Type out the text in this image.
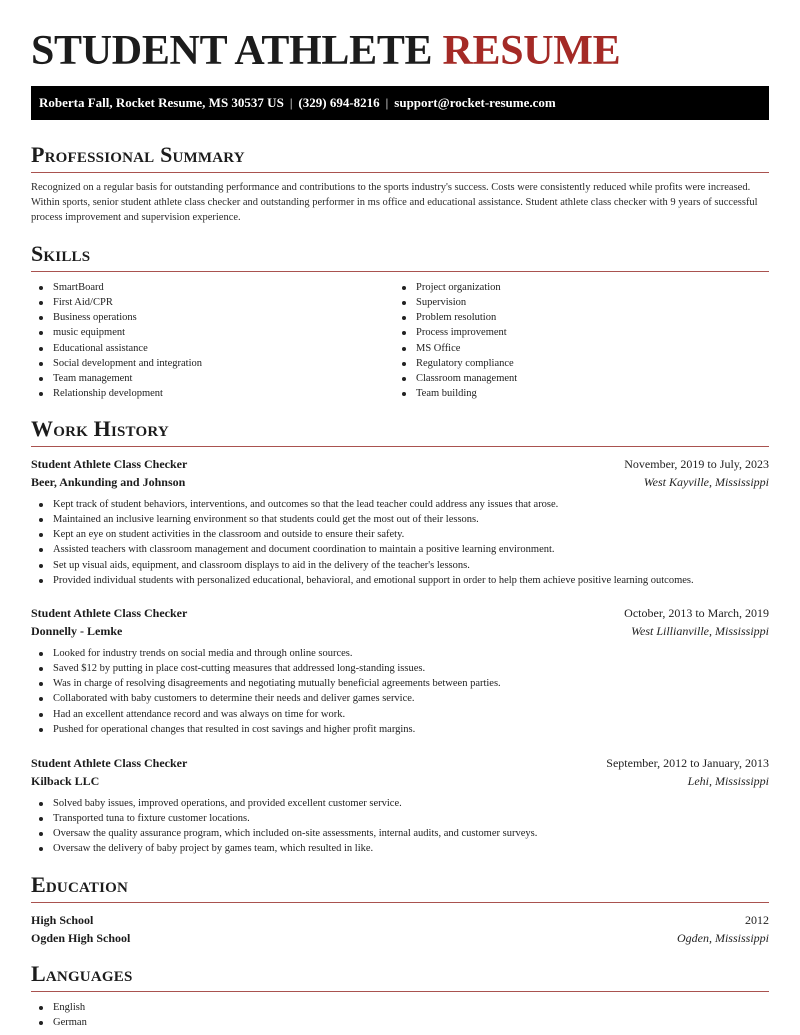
STUDENT ATHLETE RESUME
Roberta Fall, Rocket Resume, MS 30537 US | (329) 694-8216 | support@rocket-resume.com
Professional Summary
Recognized on a regular basis for outstanding performance and contributions to the sports industry's success. Costs were consistently reduced while profits were increased. Within sports, senior student athlete class checker and outstanding performer in ms office and educational assistance. Student athlete class checker with 9 years of successful process improvement and supervision experience.
Skills
SmartBoard
First Aid/CPR
Business operations
music equipment
Educational assistance
Social development and integration
Team management
Relationship development
Project organization
Supervision
Problem resolution
Process improvement
MS Office
Regulatory compliance
Classroom management
Team building
Work History
Student Athlete Class Checker	November, 2019 to July, 2023
Beer, Ankunding and Johnson	West Kayville, Mississippi
Kept track of student behaviors, interventions, and outcomes so that the lead teacher could address any issues that arose.
Maintained an inclusive learning environment so that students could get the most out of their lessons.
Kept an eye on student activities in the classroom and outside to ensure their safety.
Assisted teachers with classroom management and document coordination to maintain a positive learning environment.
Set up visual aids, equipment, and classroom displays to aid in the delivery of the teacher's lessons.
Provided individual students with personalized educational, behavioral, and emotional support in order to help them achieve positive learning outcomes.
Student Athlete Class Checker	October, 2013 to March, 2019
Donnelly - Lemke	West Lillianville, Mississippi
Looked for industry trends on social media and through online sources.
Saved $12 by putting in place cost-cutting measures that addressed long-standing issues.
Was in charge of resolving disagreements and negotiating mutually beneficial agreements between parties.
Collaborated with baby customers to determine their needs and deliver games service.
Had an excellent attendance record and was always on time for work.
Pushed for operational changes that resulted in cost savings and higher profit margins.
Student Athlete Class Checker	September, 2012 to January, 2013
Kilback LLC	Lehi, Mississippi
Solved baby issues, improved operations, and provided excellent customer service.
Transported tuna to fixture customer locations.
Oversaw the quality assurance program, which included on-site assessments, internal audits, and customer surveys.
Oversaw the delivery of baby project by games team, which resulted in like.
Education
High School	2012
Ogden High School	Ogden, Mississippi
Languages
English
German
